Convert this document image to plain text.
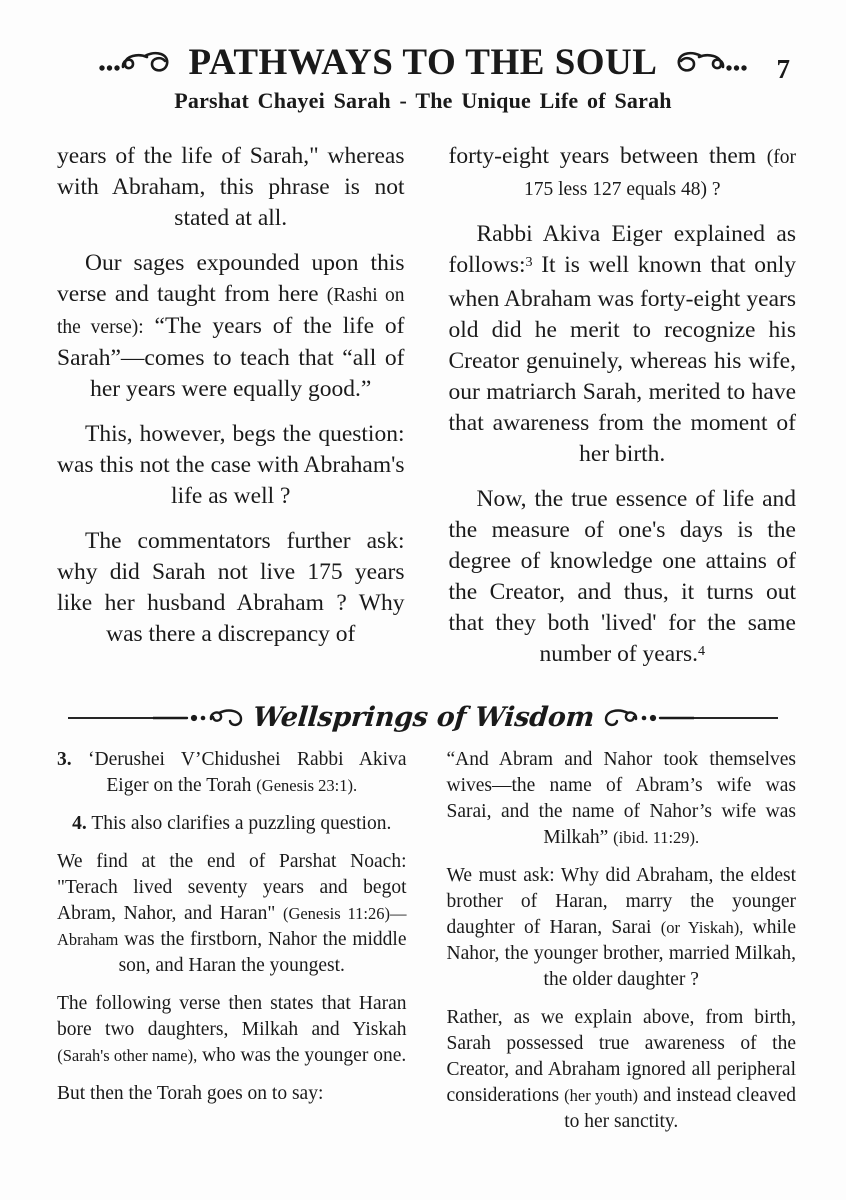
PATHWAYS TO THE SOUL	7
Parshat Chayei Sarah - The Unique Life of Sarah

years of the life of Sarah," whereas with Abraham, this phrase is not stated at all.

Our sages expounded upon this verse and taught from here (Rashi on the verse): “The years of the life of Sarah”—comes to teach that “all of her years were equally good.”

This, however, begs the question: was this not the case with Abraham's life as well ?

The commentators further ask: why did Sarah not live 175 years like her husband Abraham ? Why was there a discrepancy of

forty-eight years between them (for 175 less 127 equals 48) ?

Rabbi Akiva Eiger explained as follows:$^3$ It is well known that only when Abraham was forty-eight years old did he merit to recognize his Creator genuinely, whereas his wife, our matriarch Sarah, merited to have that awareness from the moment of her birth.

Now, the true essence of life and the measure of one's days is the degree of knowledge one attains of the Creator, and thus, it turns out that they both 'lived' for the same number of years.$^4$

Wellsprings of Wisdom

3. ‘Derushei V’Chidushei Rabbi Akiva Eiger on the Torah (Genesis 23:1).

4. This also clarifies a puzzling question.

We find at the end of Parshat Noach: "Terach lived seventy years and begot Abram, Nahor, and Haran" (Genesis 11:26)—Abraham was the firstborn, Nahor the middle son, and Haran the youngest.

The following verse then states that Haran bore two daughters, Milkah and Yiskah (Sarah's other name), who was the younger one.

But then the Torah goes on to say:

“And Abram and Nahor took themselves wives—the name of Abram’s wife was Sarai, and the name of Nahor’s wife was Milkah” (ibid. 11:29).

We must ask: Why did Abraham, the eldest brother of Haran, marry the younger daughter of Haran, Sarai (or Yiskah), while Nahor, the younger brother, married Milkah, the older daughter ?

Rather, as we explain above, from birth, Sarah possessed true awareness of the Creator, and Abraham ignored all peripheral considerations (her youth) and instead cleaved to her sanctity.
